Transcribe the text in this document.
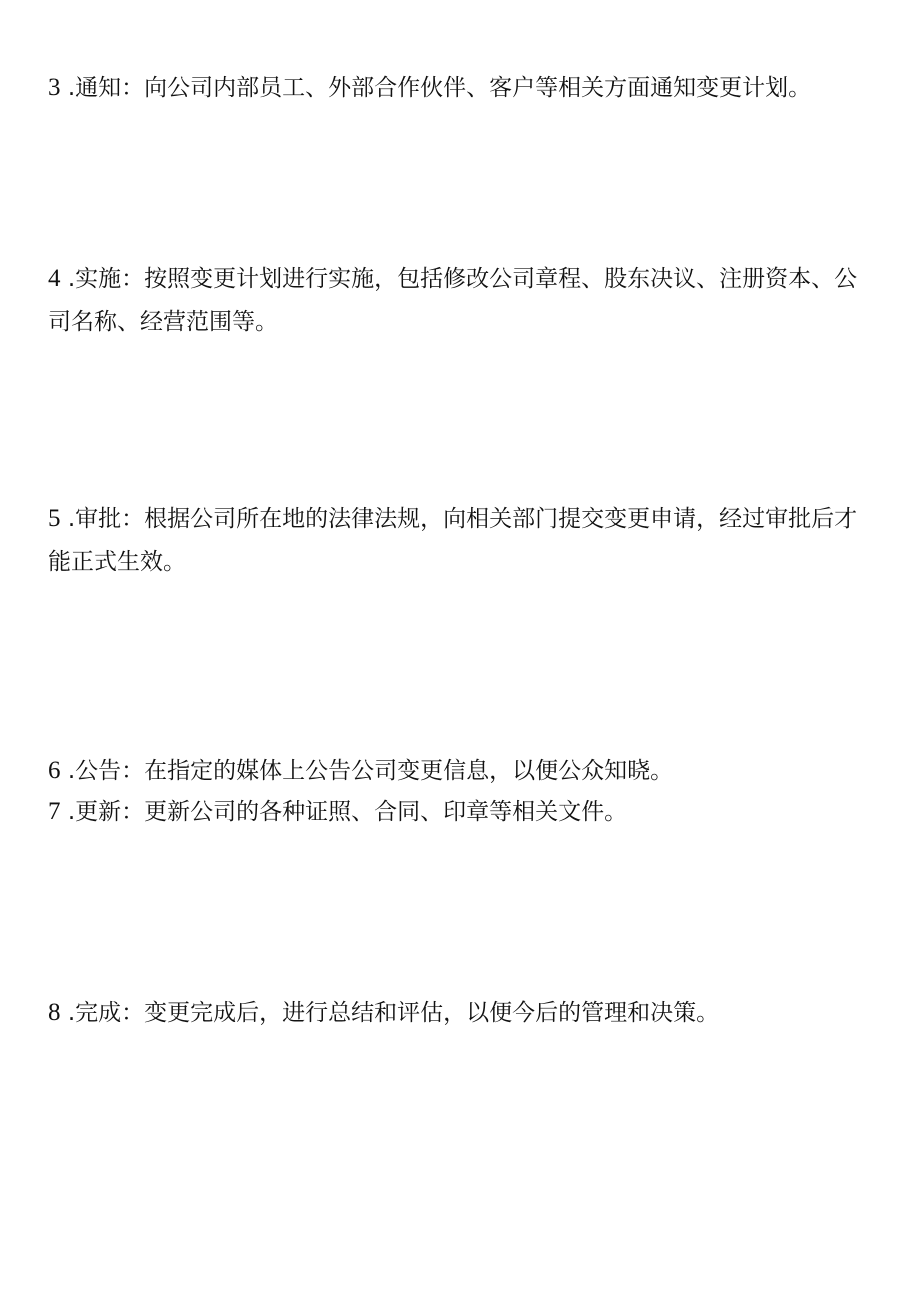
3 .通知：向公司内部员工、外部合作伙伴、客户等相关方面通知变更计划。

4 .实施：按照变更计划进行实施，包括修改公司章程、股东决议、注册资本、公司名称、经营范围等。

5 .审批：根据公司所在地的法律法规，向相关部门提交变更申请，经过审批后才能正式生效。

6 .公告：在指定的媒体上公告公司变更信息，以便公众知晓。

7 .更新：更新公司的各种证照、合同、印章等相关文件。

8 .完成：变更完成后，进行总结和评估，以便今后的管理和决策。
